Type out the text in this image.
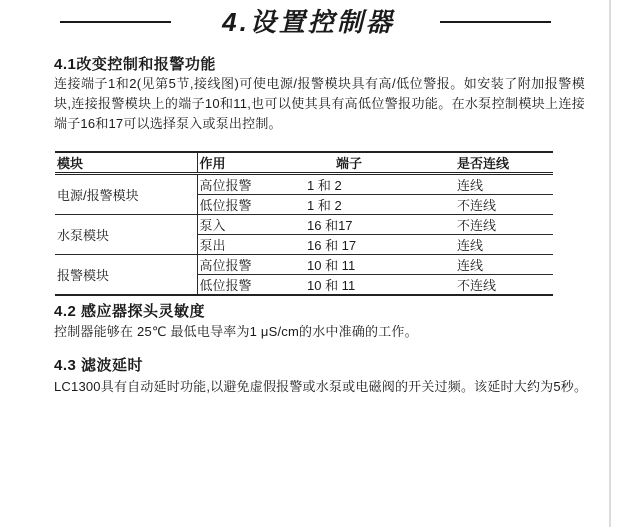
4.设置控制器
4.1改变控制和报警功能
连接端子1和2(见第5节,接线图)可使电源/报警模块具有高/低位警报。如安装了附加报警模块,连接报警模块上的端子10和11,也可以使其具有高低位警报功能。在水泵控制模块上连接端子16和17可以选择泵入或泵出控制。
模块	作用	端子	是否连线
电源/报警模块	高位报警	1 和 2	连线
	低位报警	1 和 2	不连线
水泵模块	泵入	16 和17	不连线
	泵出	16 和 17	连线
报警模块	高位报警	10 和 11	连线
	低位报警	10 和 11	不连线
4.2 感应器探头灵敏度
控制器能够在 25℃ 最低电导率为1 μS/cm的水中准确的工作。
4.3 滤波延时
LC1300具有自动延时功能,以避免虚假报警或水泵或电磁阀的开关过频。该延时大约为5秒。
